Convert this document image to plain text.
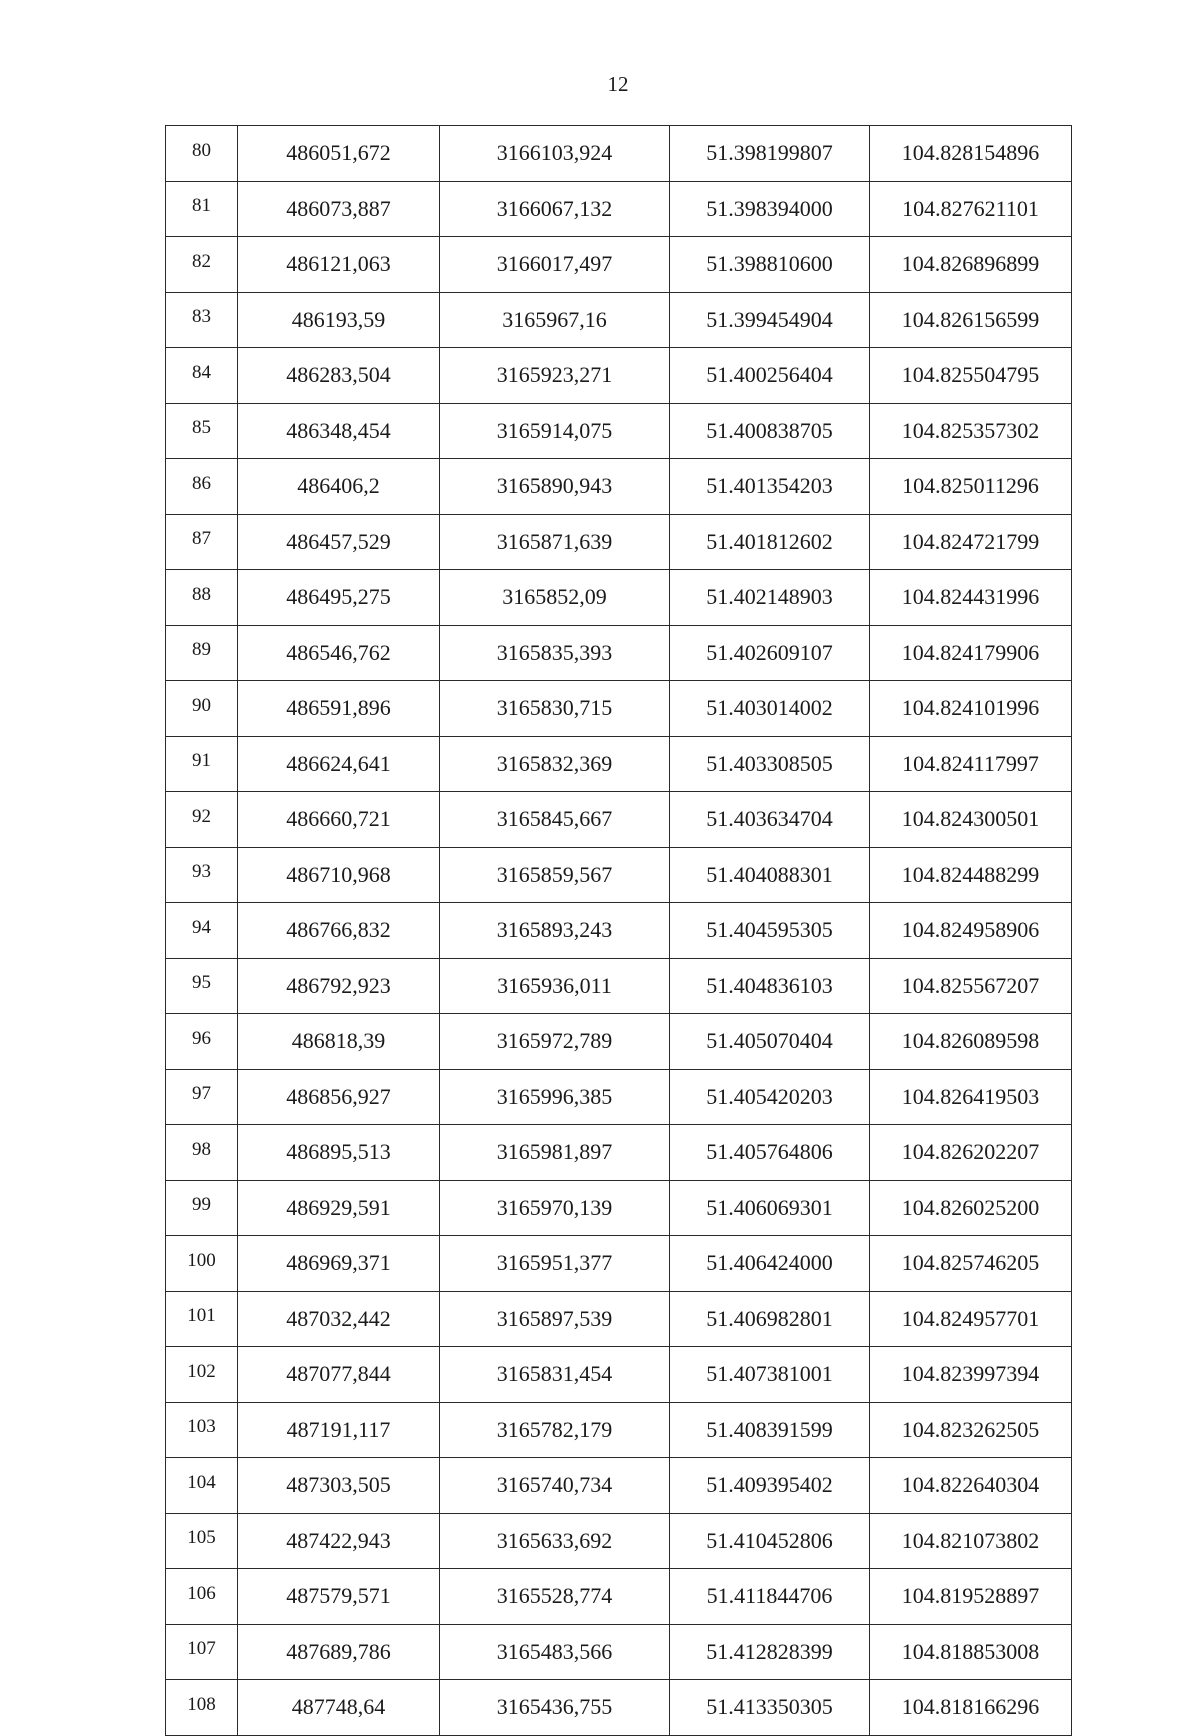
12
80	486051,672	3166103,924	51.398199807	104.828154896
81	486073,887	3166067,132	51.398394000	104.827621101
82	486121,063	3166017,497	51.398810600	104.826896899
83	486193,59	3165967,16	51.399454904	104.826156599
84	486283,504	3165923,271	51.400256404	104.825504795
85	486348,454	3165914,075	51.400838705	104.825357302
86	486406,2	3165890,943	51.401354203	104.825011296
87	486457,529	3165871,639	51.401812602	104.824721799
88	486495,275	3165852,09	51.402148903	104.824431996
89	486546,762	3165835,393	51.402609107	104.824179906
90	486591,896	3165830,715	51.403014002	104.824101996
91	486624,641	3165832,369	51.403308505	104.824117997
92	486660,721	3165845,667	51.403634704	104.824300501
93	486710,968	3165859,567	51.404088301	104.824488299
94	486766,832	3165893,243	51.404595305	104.824958906
95	486792,923	3165936,011	51.404836103	104.825567207
96	486818,39	3165972,789	51.405070404	104.826089598
97	486856,927	3165996,385	51.405420203	104.826419503
98	486895,513	3165981,897	51.405764806	104.826202207
99	486929,591	3165970,139	51.406069301	104.826025200
100	486969,371	3165951,377	51.406424000	104.825746205
101	487032,442	3165897,539	51.406982801	104.824957701
102	487077,844	3165831,454	51.407381001	104.823997394
103	487191,117	3165782,179	51.408391599	104.823262505
104	487303,505	3165740,734	51.409395402	104.822640304
105	487422,943	3165633,692	51.410452806	104.821073802
106	487579,571	3165528,774	51.411844706	104.819528897
107	487689,786	3165483,566	51.412828399	104.818853008
108	487748,64	3165436,755	51.413350305	104.818166296
